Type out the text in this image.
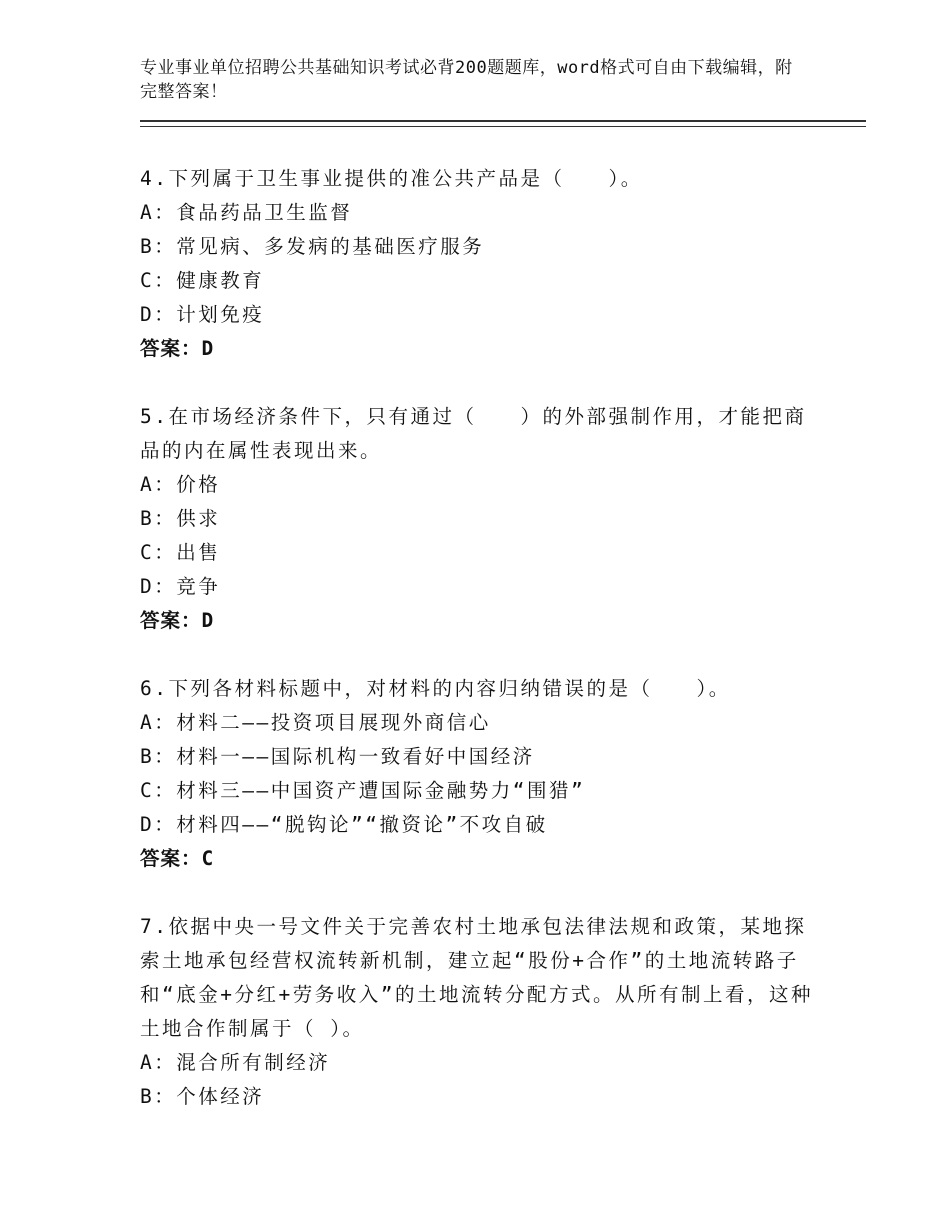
专业事业单位招聘公共基础知识考试必背200题题库，word格式可自由下载编辑，附完整答案！

4.下列属于卫生事业提供的准公共产品是（　　）。

A：食品药品卫生监督
B：常见病、多发病的基础医疗服务
C：健康教育
D：计划免疫
答案：D

5.在市场经济条件下，只有通过（　　）的外部强制作用，才能把商品的内在属性表现出来。

A：价格
B：供求
C：出售
D：竞争
答案：D

6.下列各材料标题中，对材料的内容归纳错误的是（　　）。

A：材料二——投资项目展现外商信心
B：材料一——国际机构一致看好中国经济
C：材料三——中国资产遭国际金融势力“围猎”
D：材料四——“脱钩论”“撤资论”不攻自破
答案：C

7.依据中央一号文件关于完善农村土地承包法律法规和政策，某地探索土地承包经营权流转新机制，建立起“股份+合作”的土地流转路子和“底金+分红+劳务收入”的土地流转分配方式。从所有制上看，这种土地合作制属于（ ）。

A：混合所有制经济
B：个体经济
